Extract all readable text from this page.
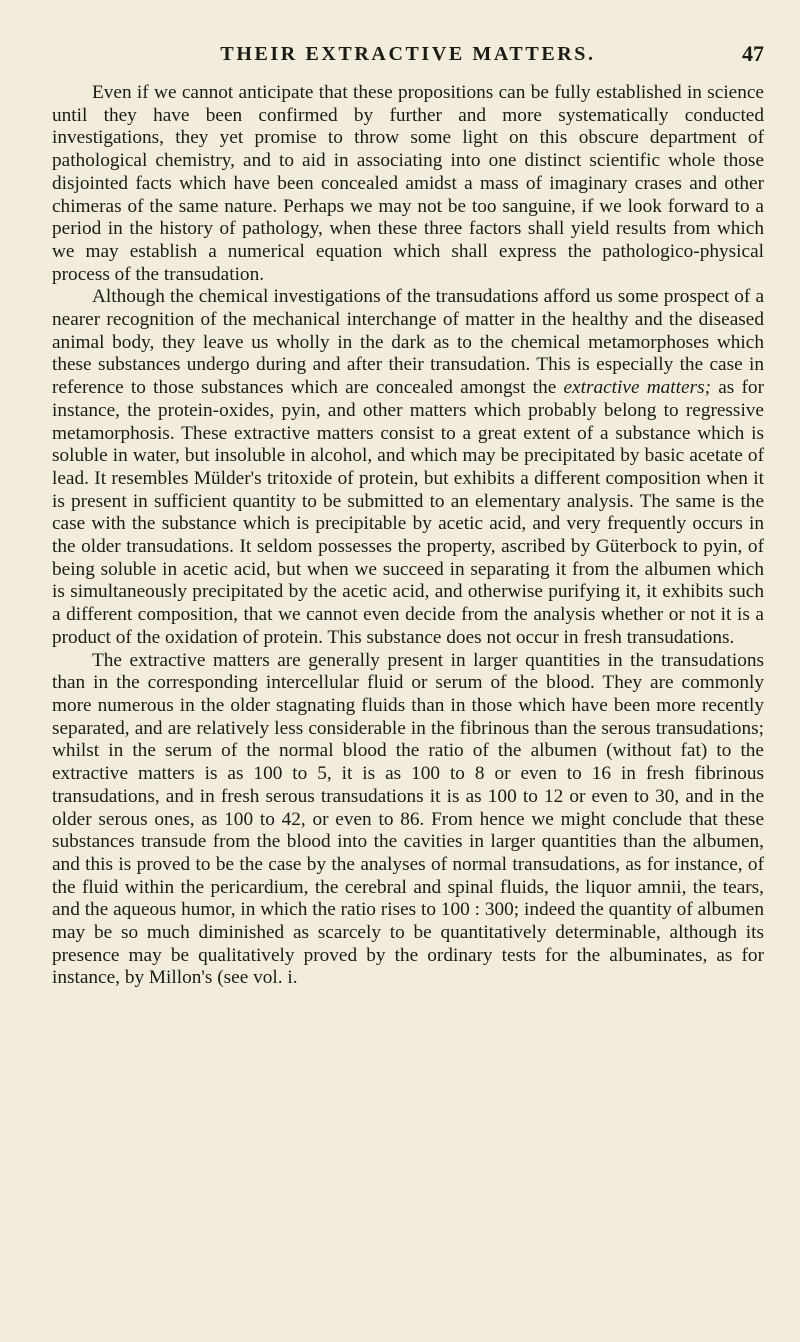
THEIR EXTRACTIVE MATTERS.	47

Even if we cannot anticipate that these propositions can be fully established in science until they have been confirmed by further and more systematically conducted investigations, they yet promise to throw some light on this obscure department of pathological chemistry, and to aid in associating into one distinct scientific whole those disjointed facts which have been concealed amidst a mass of imaginary crases and other chimeras of the same nature. Perhaps we may not be too sanguine, if we look forward to a period in the history of pathology, when these three factors shall yield results from which we may establish a numerical equation which shall express the pathologico-physical process of the transudation.

Although the chemical investigations of the transudations afford us some prospect of a nearer recognition of the mechanical interchange of matter in the healthy and the diseased animal body, they leave us wholly in the dark as to the chemical metamorphoses which these substances undergo during and after their transudation. This is especially the case in reference to those substances which are concealed amongst the extractive matters; as for instance, the protein-oxides, pyin, and other matters which probably belong to regressive metamorphosis. These extractive matters consist to a great extent of a substance which is soluble in water, but insoluble in alcohol, and which may be precipitated by basic acetate of lead. It resembles Mülder's tritoxide of protein, but exhibits a different composition when it is present in sufficient quantity to be submitted to an elementary analysis. The same is the case with the substance which is precipitable by acetic acid, and very frequently occurs in the older transudations. It seldom possesses the property, ascribed by Güterbock to pyin, of being soluble in acetic acid, but when we succeed in separating it from the albumen which is simultaneously precipitated by the acetic acid, and otherwise purifying it, it exhibits such a different composition, that we cannot even decide from the analysis whether or not it is a product of the oxidation of protein. This substance does not occur in fresh transudations.

The extractive matters are generally present in larger quantities in the transudations than in the corresponding intercellular fluid or serum of the blood. They are commonly more numerous in the older stagnating fluids than in those which have been more recently separated, and are relatively less considerable in the fibrinous than the serous transudations; whilst in the serum of the normal blood the ratio of the albumen (without fat) to the extractive matters is as 100 to 5, it is as 100 to 8 or even to 16 in fresh fibrinous transudations, and in fresh serous transudations it is as 100 to 12 or even to 30, and in the older serous ones, as 100 to 42, or even to 86. From hence we might conclude that these substances transude from the blood into the cavities in larger quantities than the albumen, and this is proved to be the case by the analyses of normal transudations, as for instance, of the fluid within the pericardium, the cerebral and spinal fluids, the liquor amnii, the tears, and the aqueous humor, in which the ratio rises to 100 : 300; indeed the quantity of albumen may be so much diminished as scarcely to be quantitatively determinable, although its presence may be qualitatively proved by the ordinary tests for the albuminates, as for instance, by Millon's (see vol. i.
